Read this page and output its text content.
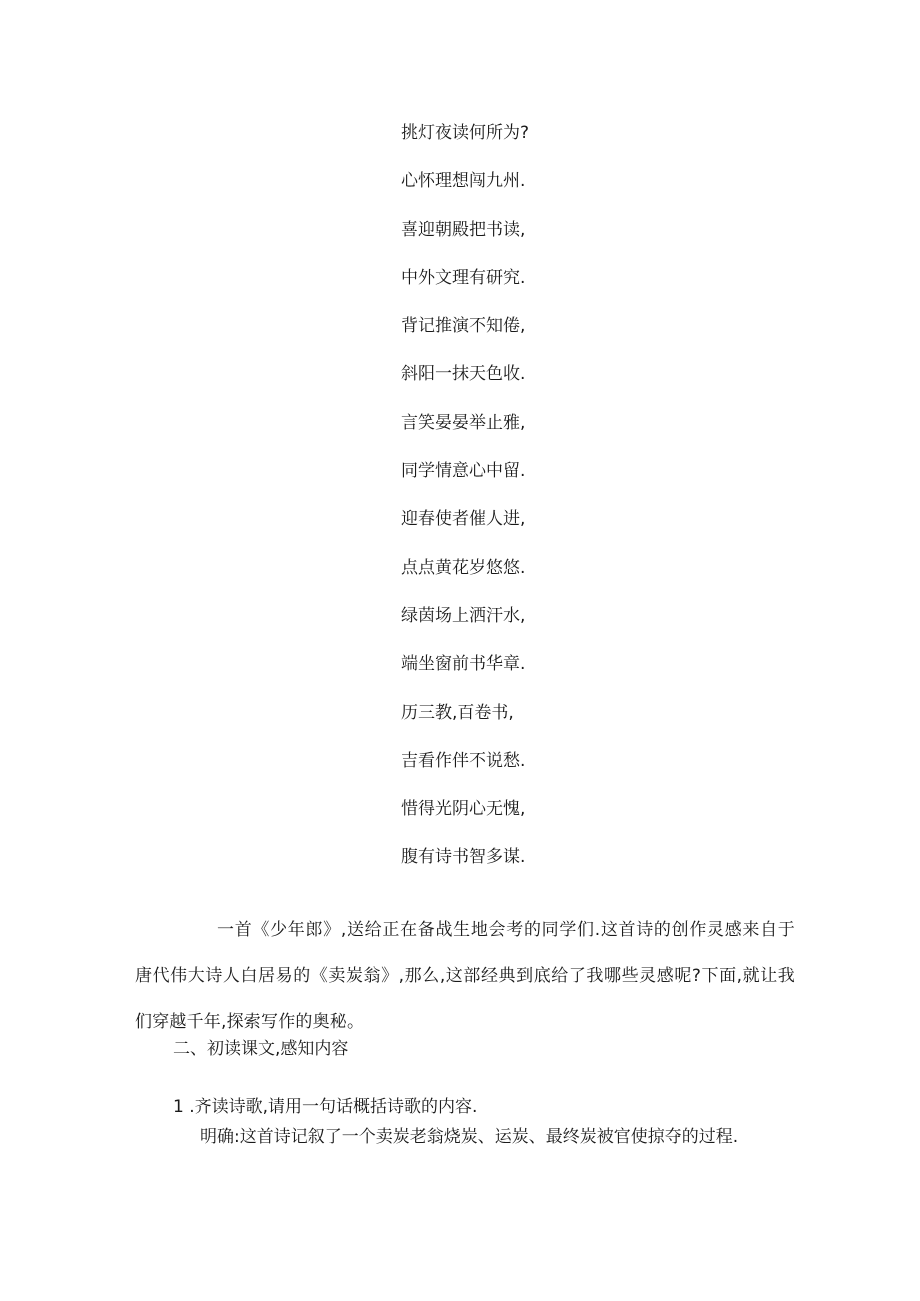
挑灯夜读何所为?
心怀理想闯九州.
喜迎朝殿把书读,
中外文理有研究.
背记推演不知倦,
斜阳一抹天色收.
言笑晏晏举止雅,
同学情意心中留.
迎春使者催人进,
点点黄花岁悠悠.
绿茵场上洒汗水,
端坐窗前书华章.
历三教,百卷书,
吉看作伴不说愁.
惜得光阴心无愧,
腹有诗书智多谋.

一首《少年郎》,送给正在备战生地会考的同学们.这首诗的创作灵感来自于唐代伟大诗人白居易的《卖炭翁》,那么,这部经典到底给了我哪些灵感呢?下面,就让我们穿越千年,探索写作的奥秘。

二、初读课文,感知内容
1 .齐读诗歌,请用一句话概括诗歌的内容.
明确:这首诗记叙了一个卖炭老翁烧炭、运炭、最终炭被官使掠夺的过程.
